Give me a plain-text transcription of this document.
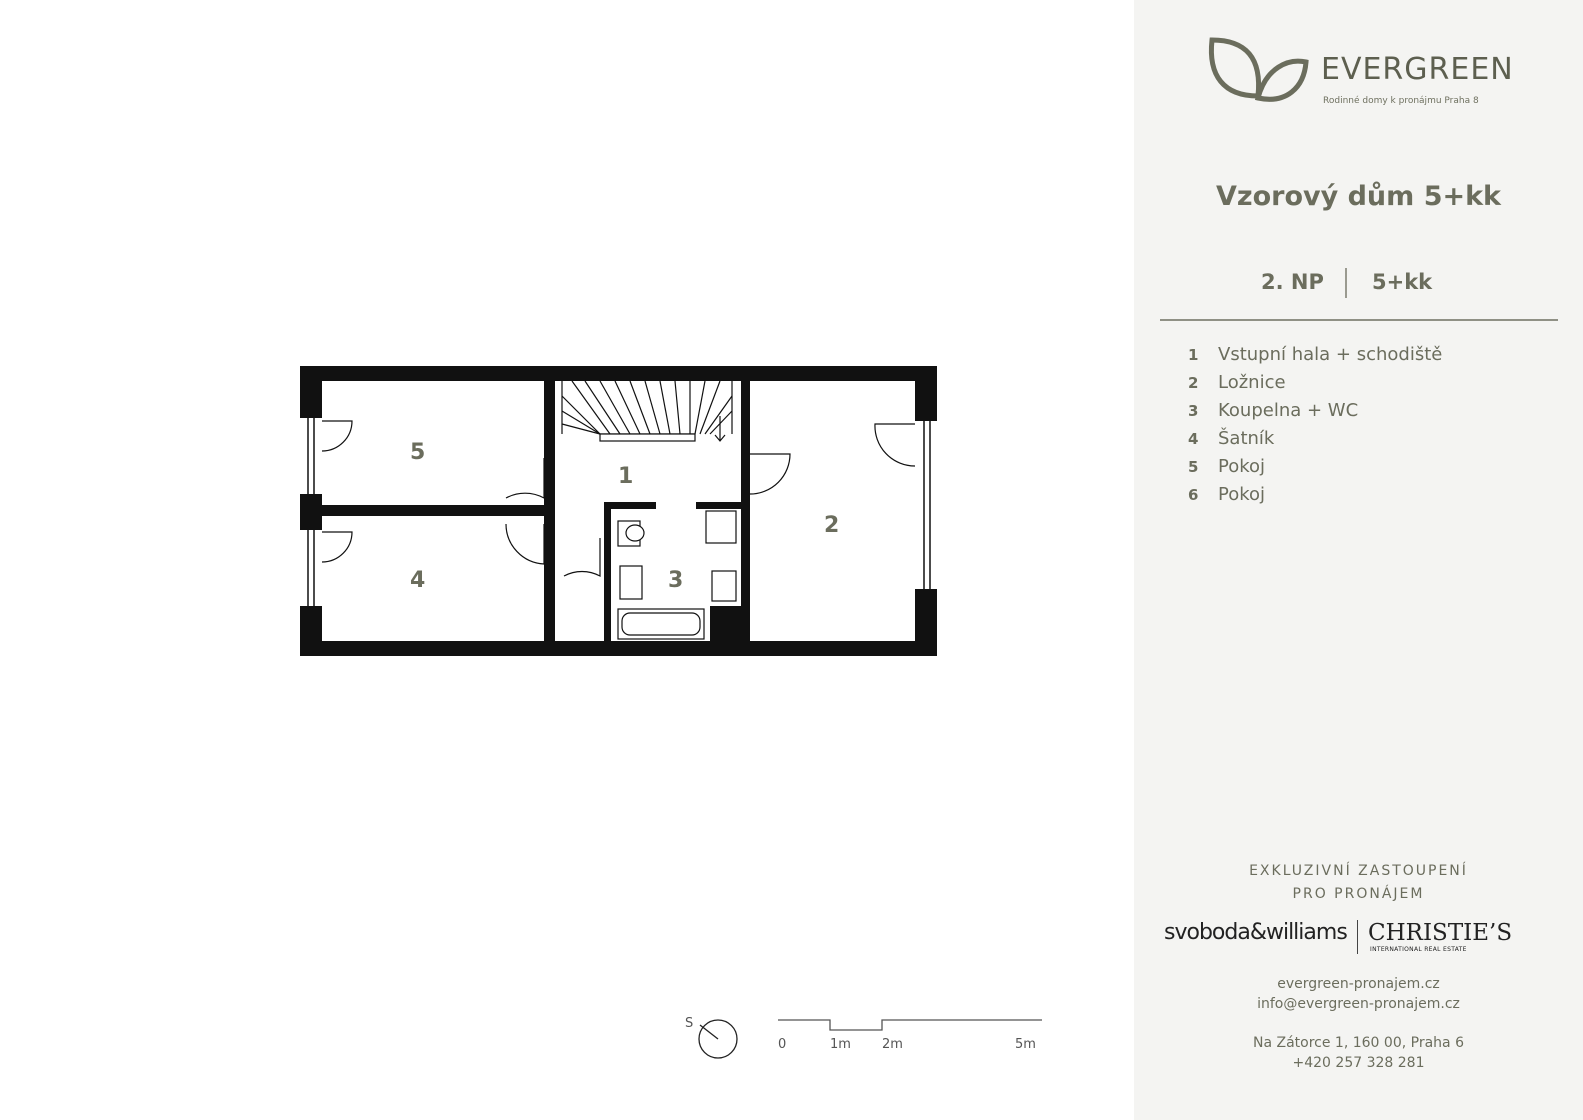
5
1
2
4	3
S
0	1m 2m	5m
EVERGREEN
Rodinné domy k pronájmu Praha 8
Vzorový dům 5+kk
2. NP 5+kk
1 Vstupní hala + schodiště
2 Ložnice
3 Koupelna + WC
4 Šatník
5 Pokoj
6 Pokoj
EXKLUZIVNÍ ZASTOUPENÍ
PRO PRONÁJEM
svoboda&williams CHRISTIE’S
INTERNATIONAL REAL ESTATE
evergreen-pronajem.cz
info@evergreen-pronajem.cz
Na Zátorce 1, 160 00, Praha 6
+420 257 328 281
